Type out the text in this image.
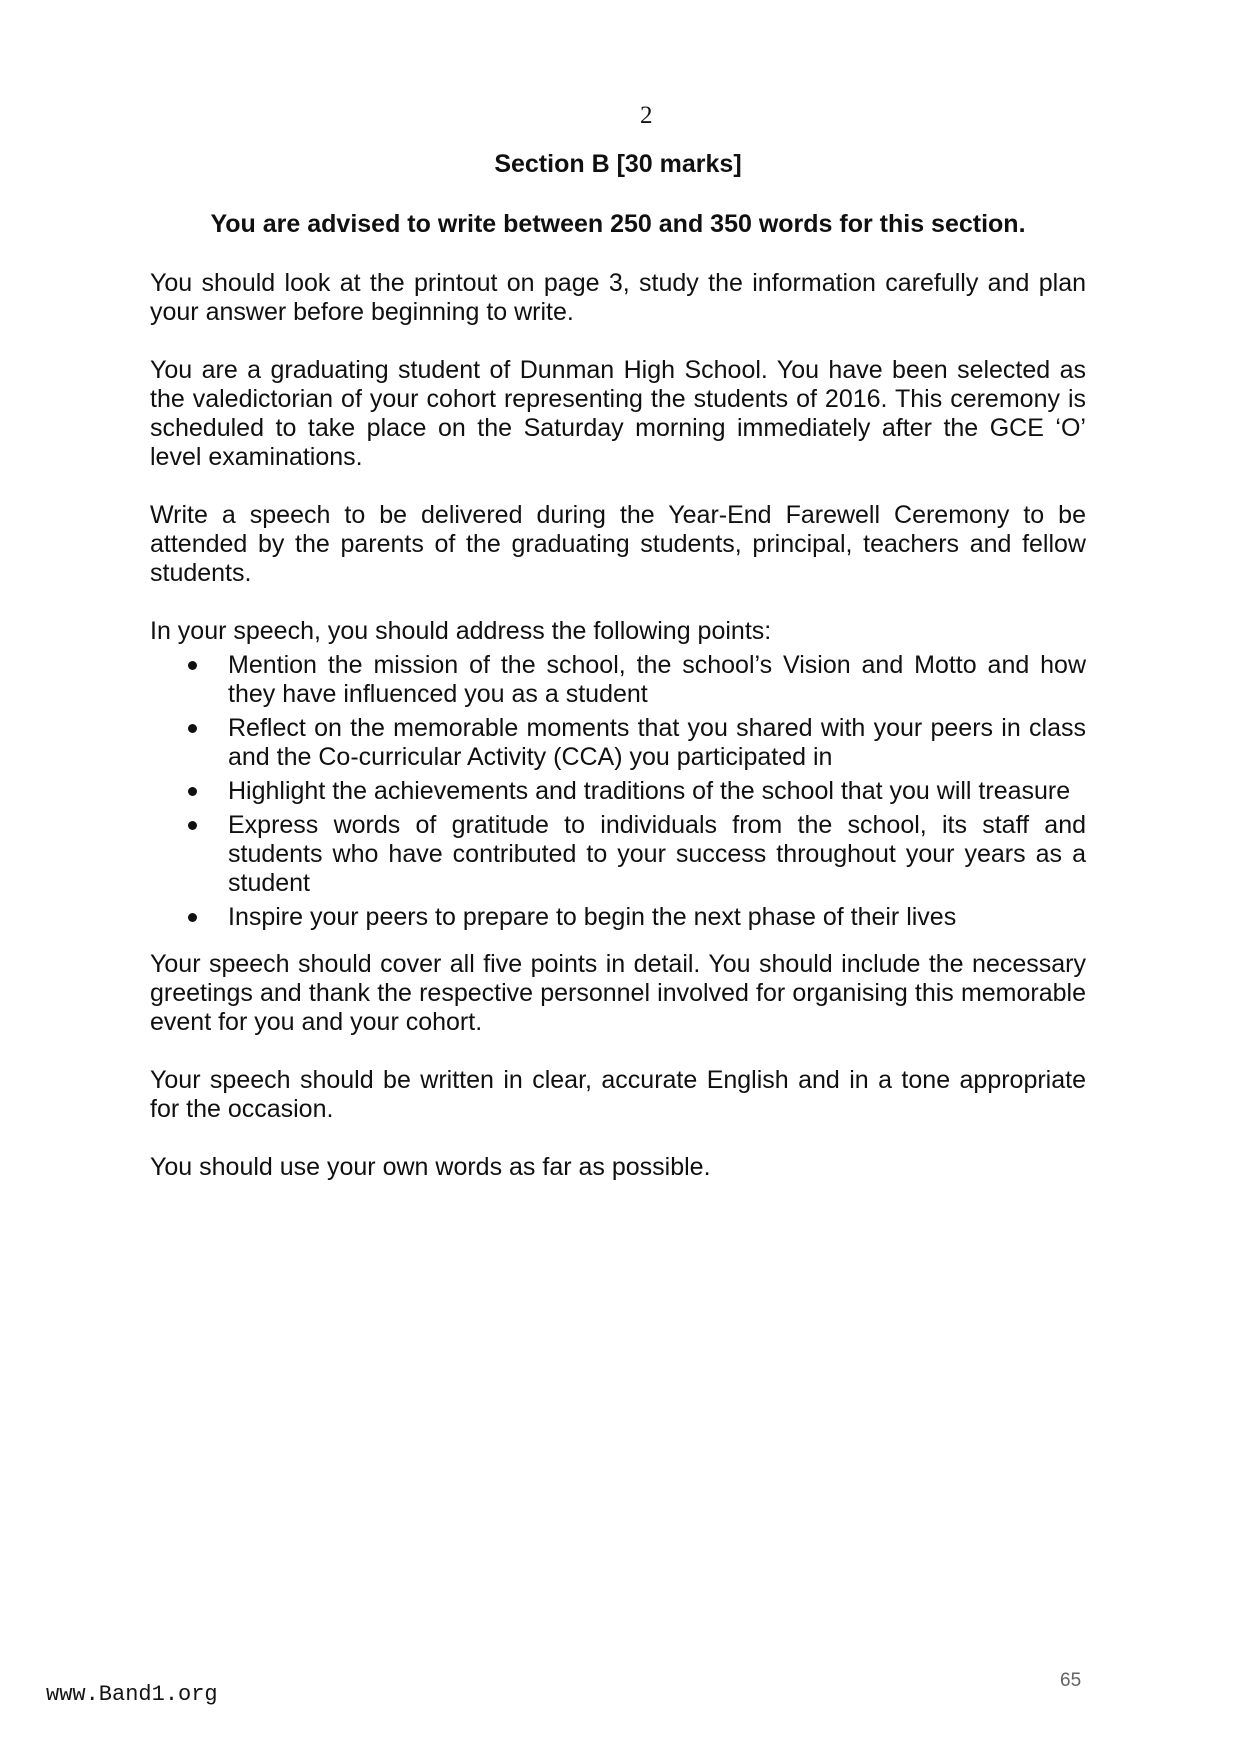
2
Section B [30 marks]
You are advised to write between 250 and 350 words for this section.

You should look at the printout on page 3, study the information carefully and plan your answer before beginning to write.

You are a graduating student of Dunman High School. You have been selected as the valedictorian of your cohort representing the students of 2016. This ceremony is scheduled to take place on the Saturday morning immediately after the GCE ‘O’ level examinations.

Write a speech to be delivered during the Year-End Farewell Ceremony to be attended by the parents of the graduating students, principal, teachers and fellow students.

In your speech, you should address the following points:

Mention the mission of the school, the school’s Vision and Motto and how they have influenced you as a student
Reflect on the memorable moments that you shared with your peers in class and the Co-curricular Activity (CCA) you participated in
Highlight the achievements and traditions of the school that you will treasure
Express words of gratitude to individuals from the school, its staff and students who have contributed to your success throughout your years as a student
Inspire your peers to prepare to begin the next phase of their lives

Your speech should cover all five points in detail. You should include the necessary greetings and thank the respective personnel involved for organising this memorable event for you and your cohort.

Your speech should be written in clear, accurate English and in a tone appropriate for the occasion.

You should use your own words as far as possible.

www.Band1.org
65
